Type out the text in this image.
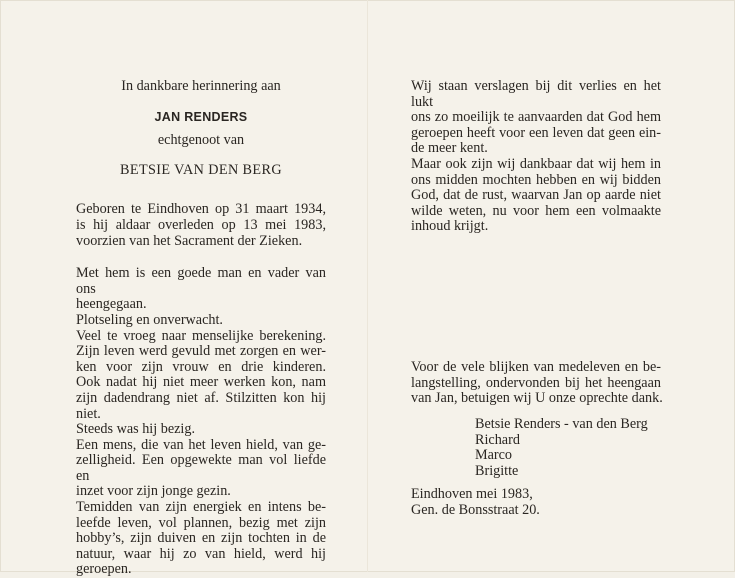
In dankbare herinnering aan
JAN RENDERS
echtgenoot van
BETSIE VAN DEN BERG
Geboren te Eindhoven op 31 maart 1934,
is hij aldaar overleden op 13 mei 1983,
voorzien van het Sacrament der Zieken.
Met hem is een goede man en vader van ons
heengegaan.
Plotseling en onverwacht.
Veel te vroeg naar menselijke berekening.
Zijn leven werd gevuld met zorgen en wer-
ken voor zijn vrouw en drie kinderen.
Ook nadat hij niet meer werken kon, nam
zijn dadendrang niet af. Stilzitten kon hij
niet.
Steeds was hij bezig.
Een mens, die van het leven hield, van ge-
zelligheid. Een opgewekte man vol liefde en
inzet voor zijn jonge gezin.
Temidden van zijn energiek en intens be-
leefde leven, vol plannen, bezig met zijn
hobby’s, zijn duiven en zijn tochten in de
natuur, waar hij zo van hield, werd hij
geroepen.
Wij staan verslagen bij dit verlies en het lukt
ons zo moeilijk te aanvaarden dat God hem
geroepen heeft voor een leven dat geen ein-
de meer kent.
Maar ook zijn wij dankbaar dat wij hem in
ons midden mochten hebben en wij bidden
God, dat de rust, waarvan Jan op aarde niet
wilde weten, nu voor hem een volmaakte
inhoud krijgt.
Voor de vele blijken van medeleven en be-
langstelling, ondervonden bij het heengaan
van Jan, betuigen wij U onze oprechte dank.
Betsie Renders - van den Berg
Richard
Marco
Brigitte
Eindhoven mei 1983,
Gen. de Bonsstraat 20.
